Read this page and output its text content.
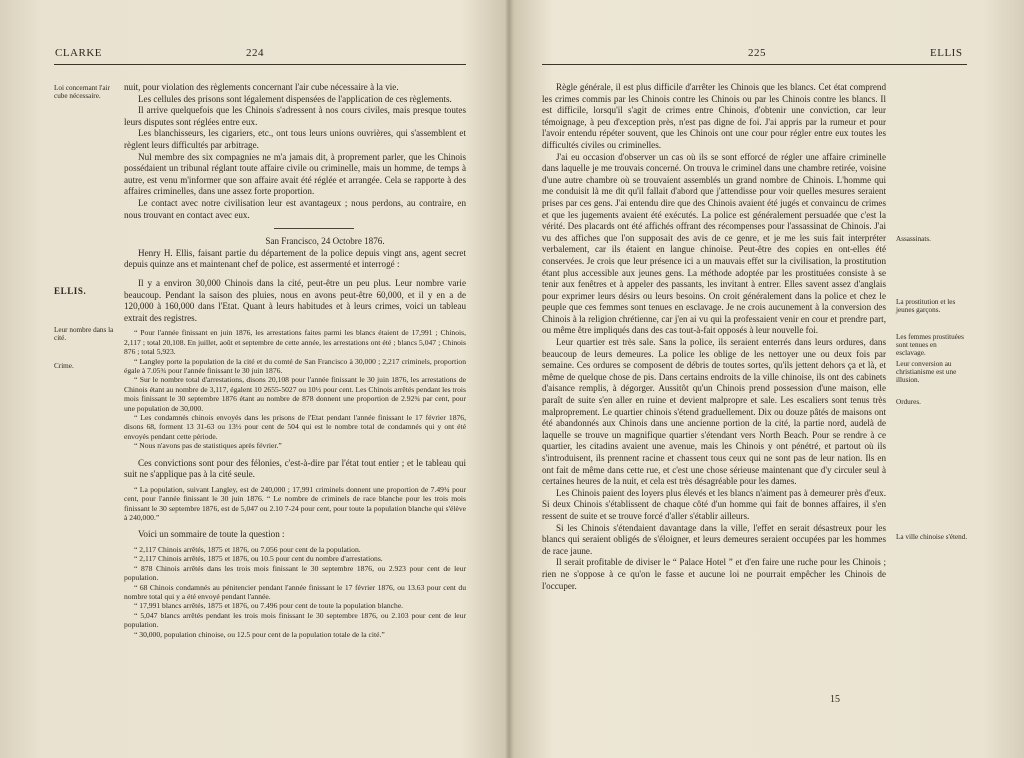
CLARKE	224
Loi concernant l'air cube nécessaire.
ELLIS.
Leur nombre dans la cité.
Crime.

nuit, pour violation des règlements concernant l'air cube nécessaire à la vie.

Les cellules des prisons sont légalement dispensées de l'application de ces règlements.

Il arrive quelquefois que les Chinois s'adressent à nos cours civiles, mais presque toutes leurs disputes sont réglées entre eux.

Les blanchisseurs, les cigariers, etc., ont tous leurs unions ouvrières, qui s'assemblent et règlent leurs difficultés par arbitrage.

Nul membre des six compagnies ne m'a jamais dit, à proprement parler, que les Chinois possédaient un tribunal réglant toute affaire civile ou criminelle, mais un homme, de temps à autre, est venu m'informer que son affaire avait été réglée et arrangée. Cela se rapporte à des affaires criminelles, dans une assez forte proportion.

Le contact avec notre civilisation leur est avantageux ; nous perdons, au contraire, en nous trouvant en contact avec eux.

San Francisco, 24 Octobre 1876.

Henry H. Ellis, faisant partie du département de la police depuis vingt ans, agent secret depuis quinze ans et maintenant chef de police, est assermenté et interrogé :

Il y a environ 30,000 Chinois dans la cité, peut-être un peu plus. Leur nombre varie beaucoup. Pendant la saison des pluies, nous en avons peut-être 60,000, et il y en a de 120,000 à 160,000 dans l'Etat. Quant à leurs habitudes et à leurs crimes, voici un tableau extrait des registres.

“ Pour l'année finissant en juin 1876, les arrestations faites parmi les blancs étaient de 17,991 ; Chinois, 2,117 ; total 20,108. En juillet, août et septembre de cette année, les arrestations ont été ; blancs 5,047 ; Chinois 876 ; total 5,923.

“ Langley porte la population de la cité et du comté de San Francisco à 30,000 ; 2,217 criminels, proportion égale à 7.05¾ pour l'année finissant le 30 juin 1876.

“ Sur le nombre total d'arrestations, disons 20,108 pour l'année finissant le 30 juin 1876, les arrestations de Chinois étant au nombre de 3,117, égalent 10 2655-5027 ou 10½ pour cent. Les Chinois arrêtés pendant les trois mois finissant le 30 septembre 1876 étant au nombre de 878 donnent une proportion de 2.92¾ par cent, pour une population de 30,000.

“ Les condamnés chinois envoyés dans les prisons de l'Etat pendant l'année finissant le 17 février 1876, disons 68, forment 13 31-63 ou 13½ pour cent de 504 qui est le nombre total de condamnés qui y ont été envoyés pendant cette période.

“ Nous n'avons pas de statistiques après février.”

Ces convictions sont pour des félonies, c'est-à-dire par l'état tout entier ; et le tableau qui suit ne s'applique pas à la cité seule.

“ La population, suivant Langley, est de 240,000 ; 17,991 criminels donnent une proportion de 7.49¾ pour cent, pour l'année finissant le 30 juin 1876. “ Le nombre de criminels de race blanche pour les trois mois finissant le 30 septembre 1876, est de 5,047 ou 2.10 7-24 pour cent, pour toute la population blanche qui s'élève à 240,000.”

Voici un sommaire de toute la question :

“ 2,117 Chinois arrêtés, 1875 et 1876, ou 7.056 pour cent de la population.

“ 2,117 Chinois arrêtés, 1875 et 1876, ou 10.5 pour cent du nombre d'arrestations.

“ 878 Chinois arrêtés dans les trois mois finissant le 30 septembre 1876, ou 2.923 pour cent de leur population.

“ 68 Chinois condamnés au pénitencier pendant l'année finissant le 17 février 1876, ou 13.63 pour cent du nombre total qui y a été envoyé pendant l'année.

“ 17,991 blancs arrêtés, 1875 et 1876, ou 7.496 pour cent de toute la population blanche.

“ 5,047 blancs arrêtés pendant les trois mois finissant le 30 septembre 1876, ou 2.103 pour cent de leur population.

“ 30,000, population chinoise, ou 12.5 pour cent de la population totale de la cité.”

225	ELLIS

Règle générale, il est plus difficile d'arrêter les Chinois que les blancs. Cet état comprend les crimes commis par les Chinois contre les Chinois ou par les Chinois contre les blancs. Il est difficile, lorsqu'il s'agit de crimes entre Chinois, d'obtenir une conviction, car leur témoignage, à peu d'exception près, n'est pas digne de foi. J'ai appris par la rumeur et pour l'avoir entendu répéter souvent, que les Chinois ont une cour pour régler entre eux toutes les difficultés civiles ou criminelles.

J'ai eu occasion d'observer un cas où ils se sont efforcé de régler une affaire criminelle dans laquelle je me trouvais concerné. On trouva le criminel dans une chambre retirée, voisine d'une autre chambre où se trouvaient assemblés un grand nombre de Chinois. L'homme qui me conduisit là me dit qu'il fallait d'abord que j'attendisse pour voir quelles mesures seraient prises par ces gens. J'ai entendu dire que des Chinois avaient été jugés et convaincu de crimes et que les jugements avaient été exécutés. La police est généralement persuadée que c'est la vérité. Des placards ont été affichés offrant des récompenses pour l'assassinat de Chinois. J'ai vu des affiches que l'on supposait des avis de ce genre, et je me les suis fait interpréter verbalement, car ils étaient en langue chinoise. Peut-être des copies en ont-elles été conservées. Je crois que leur présence ici a un mauvais effet sur la civilisation, la prostitution étant plus accessible aux jeunes gens. La méthode adoptée par les prostituées consiste à se tenir aux fenêtres et à appeler des passants, les invitant à entrer. Elles savent assez d'anglais pour exprimer leurs désirs ou leurs besoins. On croit généralement dans la police et chez le peuple que ces femmes sont tenues en esclavage. Je ne crois aucunement à la conversion des Chinois à la religion chrétienne, car j'en ai vu qui la professaient venir en cour et prendre part, ou même être impliqués dans des cas tout-à-fait opposés à leur nouvelle foi.

Leur quartier est très sale. Sans la police, ils seraient enterrés dans leurs ordures, dans beaucoup de leurs demeures. La police les oblige de les nettoyer une ou deux fois par semaine. Ces ordures se composent de débris de toutes sortes, qu'ils jettent dehors ça et là, et même de quelque chose de pis. Dans certains endroits de la ville chinoise, ils ont des cabinets d'aisance remplis, à dégorger. Aussitôt qu'un Chinois prend possession d'une maison, elle paraît de suite s'en aller en ruine et devient malpropre et sale. Les escaliers sont tenus très malproprement. Le quartier chinois s'étend graduellement. Dix ou douze pâtés de maisons ont été abandonnés aux Chinois dans une ancienne portion de la cité, la partie nord, audelà de laquelle se trouve un magnifique quartier s'étendant vers North Beach. Pour se rendre à ce quartier, les citadins avaient une avenue, mais les Chinois y ont pénétré, et partout où ils s'introduisent, ils prennent racine et chassent tous ceux qui ne sont pas de leur nation. Ils en ont fait de même dans cette rue, et c'est une chose sérieuse maintenant que d'y circuler seul à certaines heures de la nuit, et cela est très désagréable pour les dames.

Les Chinois paient des loyers plus élevés et les blancs n'aiment pas à demeurer près d'eux. Si deux Chinois s'établissent de chaque côté d'un homme qui fait de bonnes affaires, il s'en ressent de suite et se trouve forcé d'aller s'établir ailleurs.

Si les Chinois s'étendaient davantage dans la ville, l'effet en serait désastreux pour les blancs qui seraient obligés de s'éloigner, et leurs demeures seraient occupées par les hommes de race jaune.

Il serait profitable de diviser le “ Palace Hotel ” et d'en faire une ruche pour les Chinois ; rien ne s'oppose à ce qu'on le fasse et aucune loi ne pourrait empêcher les Chinois de l'occuper.

Assassinats.
La prostitution et les jeunes garçons.
Les femmes prostituées sont tenues en esclavage.
Leur conversion au christianisme est une illusion.
Ordures.
La ville chinoise s'étend.
15
